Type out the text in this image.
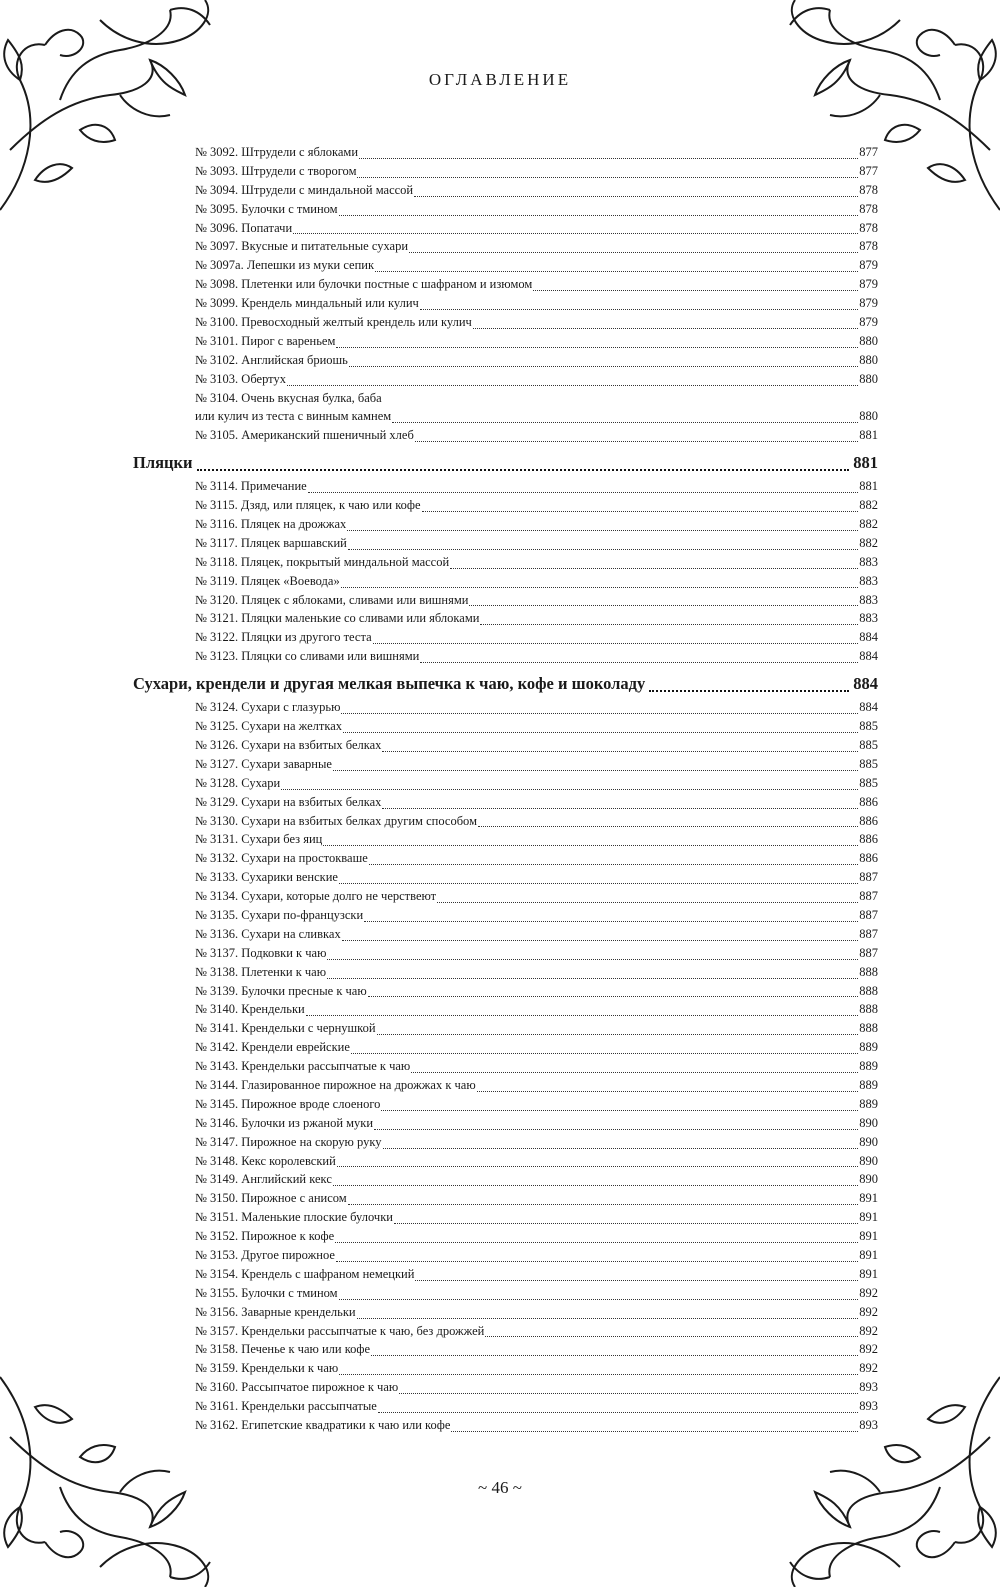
ОГЛАВЛЕНИЕ
№ 3092. Штрудели с яблоками	877
№ 3093. Штрудели с творогом	877
№ 3094. Штрудели с миндальной массой	878
№ 3095. Булочки с тмином	878
№ 3096. Попатачи	878
№ 3097. Вкусные и питательные сухари	878
№ 3097а. Лепешки из муки сепик	879
№ 3098. Плетенки или булочки постные с шафраном и изюмом	879
№ 3099. Крендель миндальный или кулич	879
№ 3100. Превосходный желтый крендель или кулич	879
№ 3101. Пирог с вареньем	880
№ 3102. Английская бриошь	880
№ 3103. Обертух	880
№ 3104. Очень вкусная булка, баба
или кулич из теста с винным камнем	880
№ 3105. Американский пшеничный хлеб	881
Пляцки	881
№ 3114. Примечание	881
№ 3115. Дзяд, или пляцек, к чаю или кофе	882
№ 3116. Пляцек на дрожжах	882
№ 3117. Пляцек варшавский	882
№ 3118. Пляцек, покрытый миндальной массой	883
№ 3119. Пляцек «Воевода»	883
№ 3120. Пляцек с яблоками, сливами или вишнями	883
№ 3121. Пляцки маленькие со сливами или яблоками	883
№ 3122. Пляцки из другого теста	884
№ 3123. Пляцки со сливами или вишнями	884
Сухари, крендели и другая мелкая выпечка к чаю, кофе и шоколаду	884
№ 3124. Сухари с глазурью	884
№ 3125. Сухари на желтках	885
№ 3126. Сухари на взбитых белках	885
№ 3127. Сухари заварные	885
№ 3128. Сухари	885
№ 3129. Сухари на взбитых белках	886
№ 3130. Сухари на взбитых белках другим способом	886
№ 3131. Сухари без яиц	886
№ 3132. Сухари на простокваше	886
№ 3133. Сухарики венские	887
№ 3134. Сухари, которые долго не черствеют	887
№ 3135. Сухари по-французски	887
№ 3136. Сухари на сливках	887
№ 3137. Подковки к чаю	887
№ 3138. Плетенки к чаю	888
№ 3139. Булочки пресные к чаю	888
№ 3140. Крендельки	888
№ 3141. Крендельки с чернушкой	888
№ 3142. Крендели еврейские	889
№ 3143. Крендельки рассыпчатые к чаю	889
№ 3144. Глазированное пирожное на дрожжах к чаю	889
№ 3145. Пирожное вроде слоеного	889
№ 3146. Булочки из ржаной муки	890
№ 3147. Пирожное на скорую руку	890
№ 3148. Кекс королевский	890
№ 3149. Английский кекс	890
№ 3150. Пирожное с анисом	891
№ 3151. Маленькие плоские булочки	891
№ 3152. Пирожное к кофе	891
№ 3153. Другое пирожное	891
№ 3154. Крендель с шафраном немецкий	891
№ 3155. Булочки с тмином	892
№ 3156. Заварные крендельки	892
№ 3157. Крендельки рассыпчатые к чаю, без дрожжей	892
№ 3158. Печенье к чаю или кофе	892
№ 3159. Крендельки к чаю	892
№ 3160. Рассыпчатое пирожное к чаю	893
№ 3161. Крендельки рассыпчатые	893
№ 3162. Египетские квадратики к чаю или кофе	893
~ 46 ~
